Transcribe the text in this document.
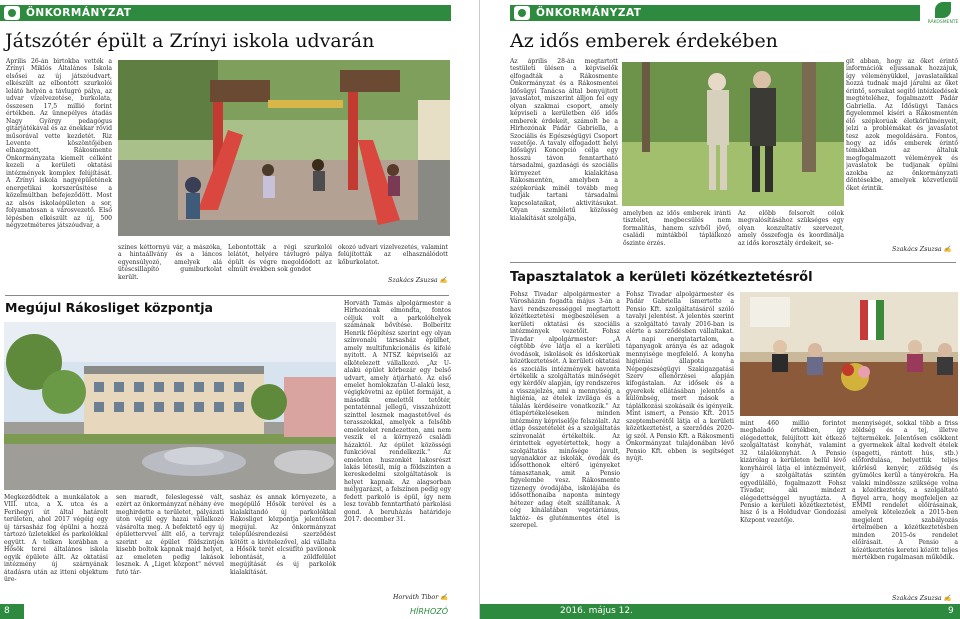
ÖNKORMÁNYZAT
Játszótér épült a Zrínyi iskola udvarán
Április 26-án birtokba vették a Zrínyi Miklós Általános Iskola elsősei az új játszóudvart, elkészült az elbontott szurkolói lelátó helyén a távlugró pálya, az udvar vízelvezetése, burkolata, összesen 17,5 millió forint értékben. Az ünnepélyes átadás Nagy György pedagógus gitárjátékával és az énekkar rövid műsorával vette kezdetét. Riz Levente köszöntőjében elhangzott, Rákosmente Önkormányzata kiemelt célként kezeli a kerületi oktatási intézmények komplex felújítását. A Zrínyi iskola nagyépületének energetikai korszerűsítése a közelmúltban befejeződött. Most az alsós iskolaépületen a sor, folyamatosan a városvezető. Első lépésben elkészült az új, 500 négyzetméteres játszóudvar, a
színes kéttornyú vár, a mászóka, a hintaállvány és a láncos egyensúlyozó, amelyek alá ütéscsillapító gumiburkolat került.
Lebontották a régi szurkolói lelátót, helyére távlugró pálya épült és végre megoldódott az elmúlt években sok gondot
okozó udvari vízelvezetés, valamint felújították az elhasználódott kőburkolatot.
Szakács Zsuzsa ✍
Megújul Rákosliget központja
Megkezdődtek a munkálatok a VIII. utca, a X. utca és a Ferihegyi út által határolt területen, ahol 2017 végéig egy új társasház fog épülni a hozzá tartozó üzletekkel és parkolókkal együtt. A telken korábban a Hősök terei általános iskola egyik épülete állt. Az oktatási intézmény új szárnyának átadásra után az itteni objektum üre-
sen maradt, feleslegessé vált, ezért az önkormányzat néhány éve meghirdette a területet, pályázati úton végül egy hazai vállalkozó vásárolta meg. A befektető egy új épülettervvel állt elő, a tervrajz szerint az épület földszintjén kisebb boltok kapnak majd helyet, az emeleten pedig lakások lesznek. A „Liget központ" névvel futó tár-
sasház és annak környezete, a megépülő Hősök terével és a kialakítandó új parkolókkal Rákosliget központja jelentősen megújul. Az önkormányzat településrendezési szerződést kötött a kivitelezővel, aki vállalta a Hősök terét elcsúfító pavilonok lebontását, a zöldfelület megújítását és új parkolók kialakítását.
Horváth Tamás alpolgármester a Hírhozónak elmondta, fontos céljuk volt a parkolóhelyek számának bővítése. Bolberitz Henrik főépítész szerint egy olyan színvonalú társasház épülhet, amely multifunkcionális és kifelé nyitott. A NTSZ képviselői az elkötelezett vállalkozó. „Az U-alakú épület körbezár egy belső udvart, amely átjárható. Az első emelet homlokzatán U-alakú lesz, végigkövetni az épület formáját, a második emelettől tetőtér, pentaténnal jellegű, visszahúzott szinttel lesznek magastetővel és terasszokkal, amelyek a felsőbb emeleteket rendezetten, ami nem veszik el a környező családi házaktól. Az épület közösségi funkcióval rendelkezik." Az emeleten huszonkét lakosrészt lakás létesül, míg a földszinten a kereskedelmi szolgáltatások is helyet kapnak. Az alagsorban mélygarázst, a felszínen pedig egy fedett parkoló is épül, így nem lesz tovább fenntartható parkolási gond. A beruházás határideje 2017. december 31.
Horváth Tibor ✍
8	HÍRHOZÓ
ÖNKORMÁNYZAT
Az idős emberek érdekében
Az április 28-án megtartott testületi ülésen a képviselők elfogadták a Rákosmente Önkormányzat és a Rákosmentei Idősügyi Tanácsa által benyújtott javaslatot, miszerint álljon fel egy olyan szakmai csoport, amely képviseli a kerületben élő idős emberek érdekeit, számolt be a Hírhozónak Pádár Gabriella, a Szociális és Egészségügyi Csoport vezetője. A tavaly elfogadott helyi Idősügyi Koncepció célja egy hosszú távon fenntartható társadalmi, gazdasági és szociális környezet kialakítása Rákosmentén, amelyben a szépkorúak minél tovább meg tudják tartani társadalmi kapcsolataikat, aktivitásukat. Olyan szemléletű közösség kialakítását szolgálja,
gít abban, hogy az őket érintő információk eljussanak hozzájuk, így véleményükkel, javaslataikkal hozzá tudnak majd járulni az őket érintő, sorsukat segítő intézkedések megtételéhez, fogalmazott Pádár Gabriella. Az Idősügyi Tanács figyelemmel kíséri a Rákosmentén élő szépkorúak életkörülményeit, jelzi a problémákat és javaslatot tesz azok megoldására. Fontos, hogy az idős emberek érintő témákban az általuk megfogalmazott vélemények és javaslatok be tudjanak épülni azokba az önkormányzati döntésekbe, amelyek közvetlenül őket érintik.
Szakács Zsuzsa ✍
amelyben az idős emberek iránti tisztelet, megbecsülés nem formalitás, hanem szívből jövő, családi mintákból táplálkozó őszinte érzés.
Az előbb felsorolt célok megvalósításához szükséges egy olyan konzultatív szervezet, amely összefogja és koordinálja az idős korosztály érdekeit, se-
Tapasztalatok a kerületi közétkeztetésről
Fohsz Tivadar alpolgármester a Városházán fogadta május 3-án a havi rendszerességgel megtartott közétkeztetési megbeszélésen a kerületi oktatási és szociális intézmények vezetőit. Fohsz Tivadar alpolgármester: „A cégtöbb éve látja el a kerületi óvodások, iskolások és időskorúak közétkeztetését. A kerületi oktatási és szociális intézmények havonta értékelik a szolgáltatás minőségét egy kérdőív alapján, így rendszeres a visszajelzés, ami a mennyiség, a higiénia, az ételek ízvilága és a tálalás kérdéseire vonatkozik." Az étlapértékeléseken minden intézmény képviselője felszólalt. Az étlap összetételét és a szolgáltatás színvonalát értékelték. Az érintettek egyetértettek, hogy a szolgáltatás minősége javult, ugyanakkor az iskolák, óvodák és idősotthonok eltérő igényeket támasztanak, amit a Pensio figyelembe vesz. Rákosmente tizenegy óvodájába, iskolájába és idősotthonaiba naponta mintegy hétezer adag ételt szállítanak. A cég kínálatában vegetáriánus, laktóz- és gluténmentes étel is szerepel.
Fohsz Tivadar alpolgármester és Pádár Gabriella ismertette a Pensio Kft. szolgáltatásáról szóló tavalyi jelentést. A jelentés szerint a szolgáltató tavaly 2016-ban is elérte a szerződésben vállaltakat. A napi energiatartalom, a tápanyagok aránya és az adagok mennyisége megfelelő. A konyha higiéniai állapota a Népegészségügyi Szakigazgatási Szerv ellenőrzései alapján kifogástalan. Az idősek és a gyerekek ellátásában jelentős a különbség, mert mások a táplálkozási szokásaik és igényeik. Mint ismert, a Pensio Kft. 2015 szeptemberétől látja el a kerületi közétkeztetést, a szerződés 2020-ig szól. A Pensio Kft. a Rákosmenti Önkormányzat tulajdonában lévő Pensio Kft. ebben is segítséget nyújt.
mint 460 millió forintot meghaladó értékben, így elégedettek, felújított két étkező szolgáltatást konyhát, valamint 32 tálalókonyhát. A Pensio kizárólag a kerületen belül lévő konyháiról látja el intézményeit, így a szolgáltatás szintén egyedülálló, fogalmazott Fohsz Tivadar, aki mindezt elégedettséggel nyugtázta. A Pensio a kerületi közétkeztetést, hisz ő is a Holdudvar Gondozási Központ vezetője.
mennyiségét, sokkal több a friss zöldség és a tej, illetve tejtermékek. Jelentősen csökkent a gyermekek által kedvelt ételek (spagetti, rántott hús, stb.) előfordulása, helyettük teljes kiőrlésű kenyér, zöldség és gyümölcs kerül a tányérokra. Ha valaki mindössze szüksége volna a közétkeztetés, a szolgáltató figyel arra, hogy megfeleljen az EMMI rendelet előírásainak, amelyek kötelezőek a 2015-ben megjelent szabályozás értelmében a közétkeztetésben minden 2015-ös rendelet előírásait. A Pensio a közétkeztetés keretei között teljes mértékben rugalmasan működik.
Szakács Zsuzsa ✍
2016. május 12.	9
RÁKOSMENTE
